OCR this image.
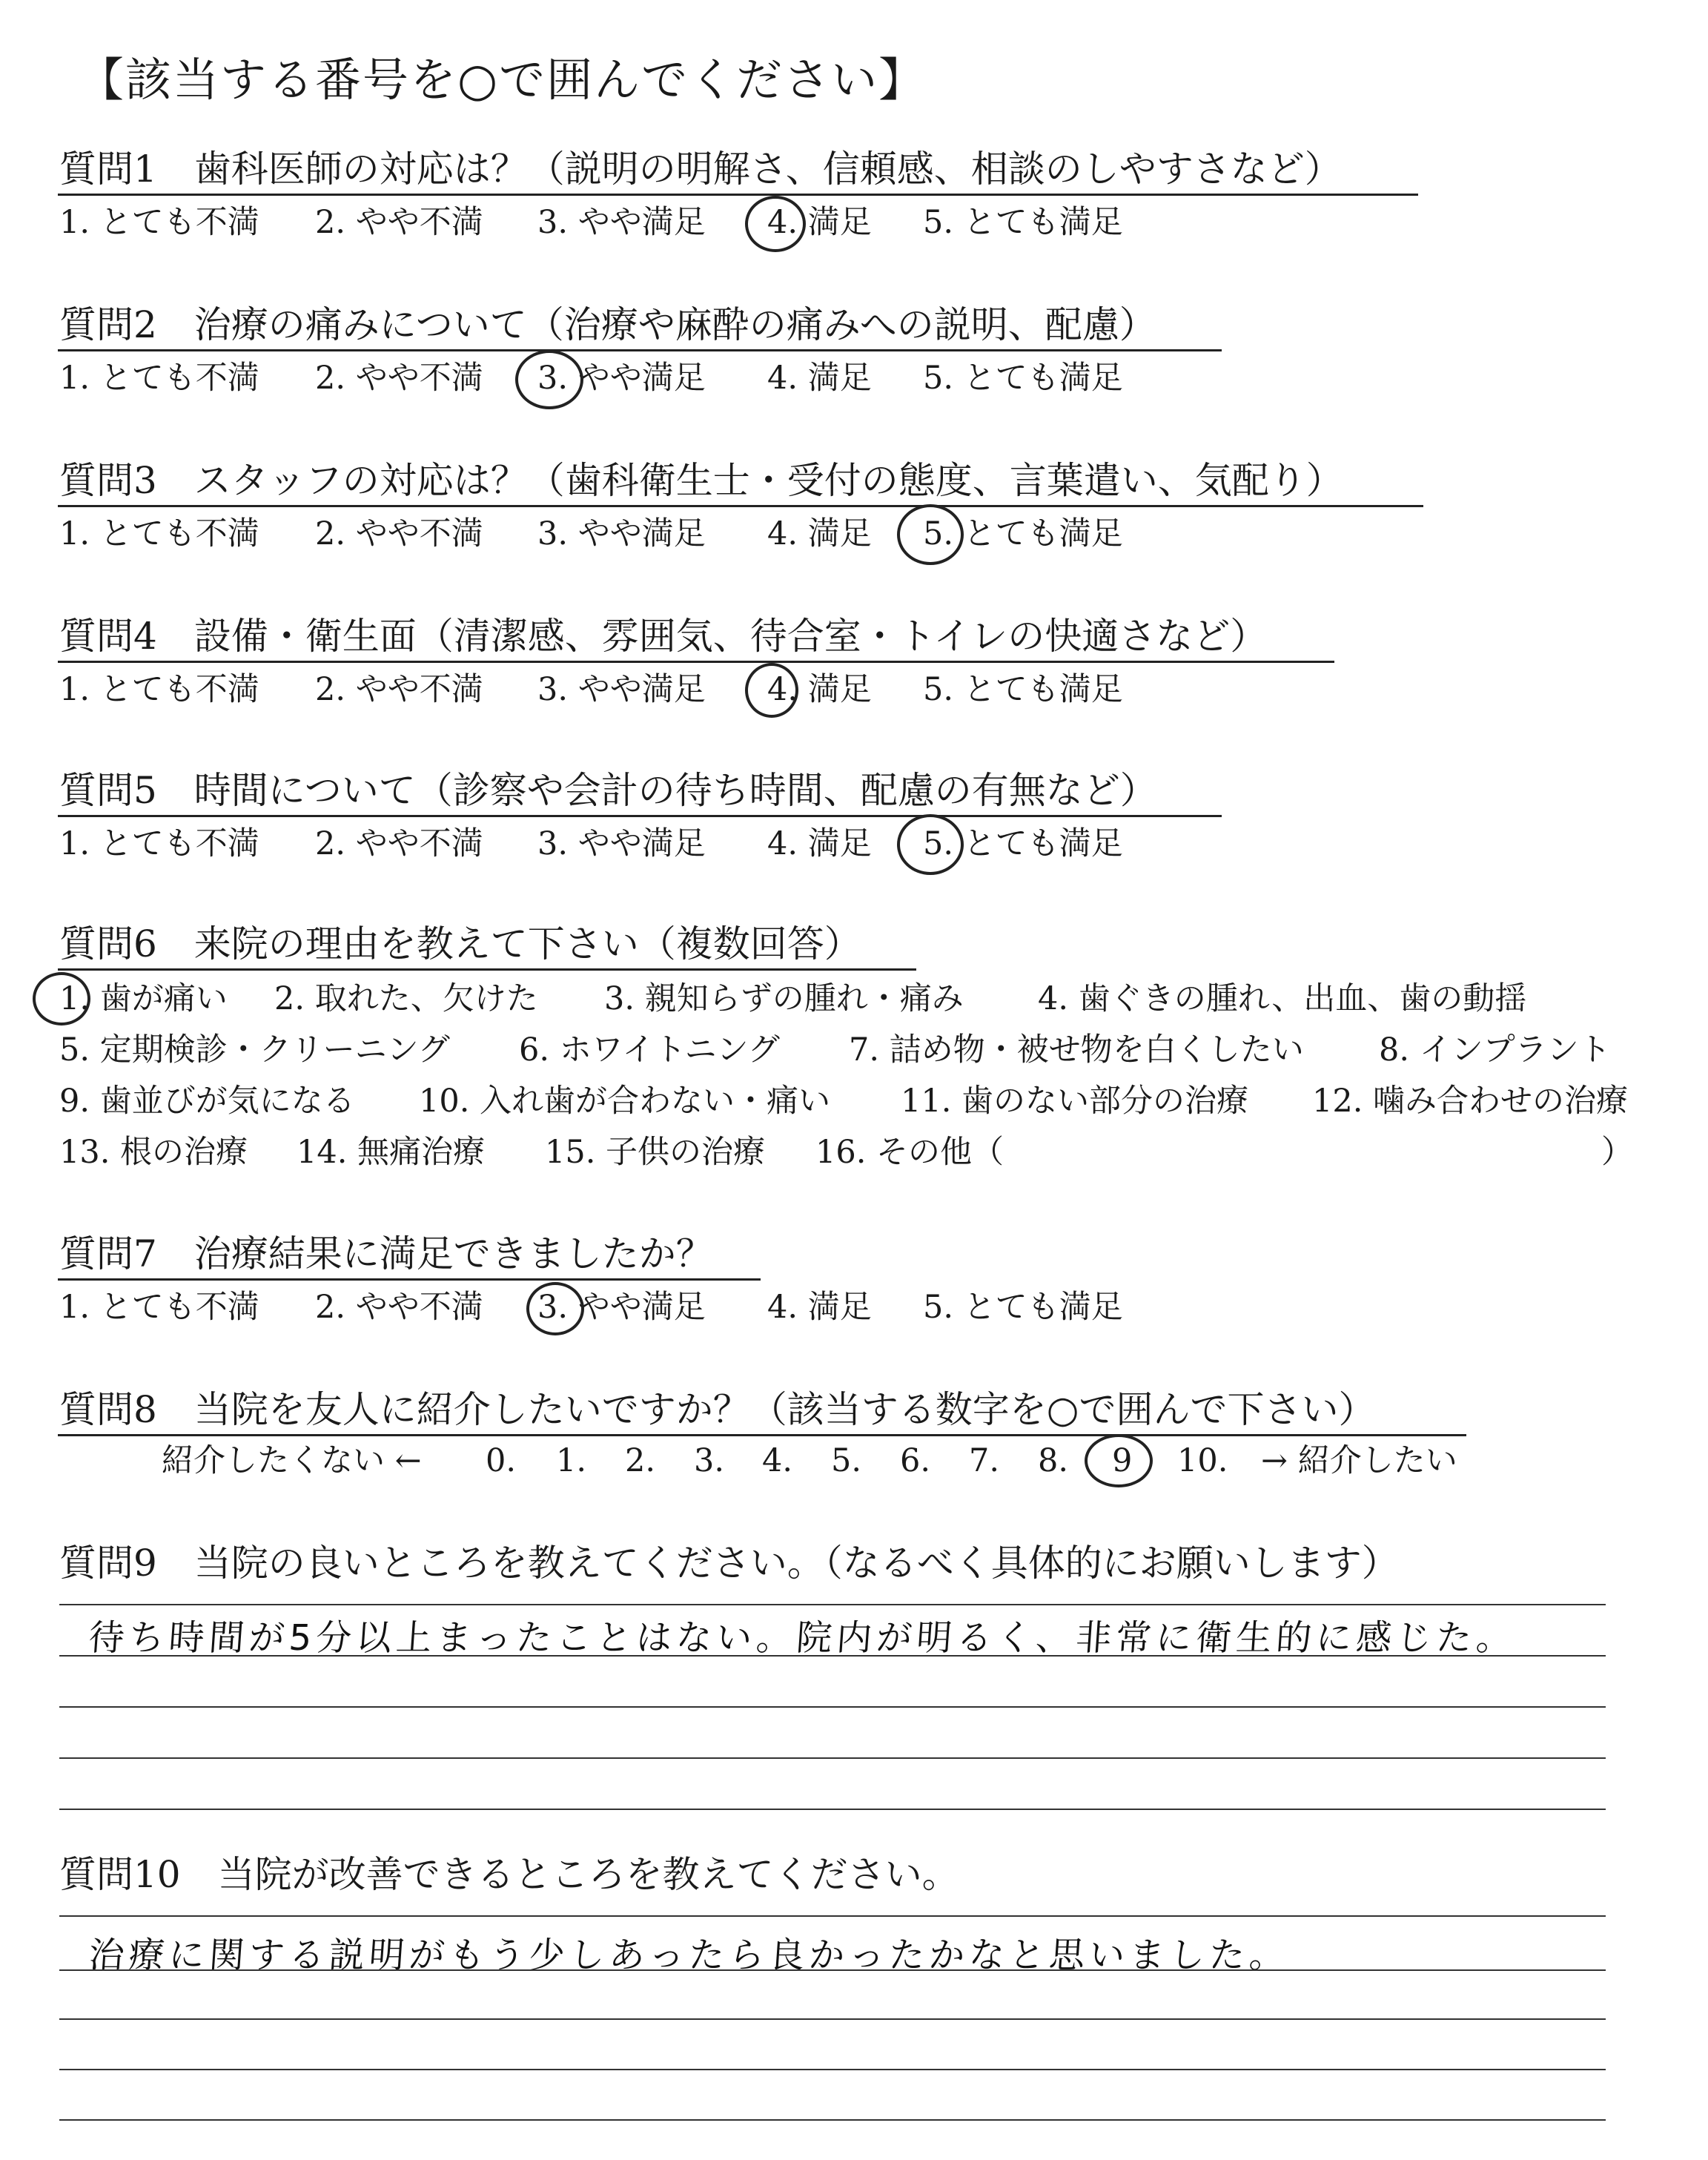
【該当する番号を○で囲んでください】
質問1　歯科医師の対応は？（説明の明解さ、信頼感、相談のしやすさなど）
1. とても不満 2. やや不満 3. やや満足 4. 満足 5. とても満足
質問2　治療の痛みについて（治療や麻酔の痛みへの説明、配慮）
1. とても不満 2. やや不満 3. やや満足 4. 満足 5. とても満足
質問3　スタッフの対応は？（歯科衛生士・受付の態度、言葉遣い、気配り）
1. とても不満 2. やや不満 3. やや満足 4. 満足 5. とても満足
質問4　設備・衛生面（清潔感、雰囲気、待合室・トイレの快適さなど）
1. とても不満 2. やや不満 3. やや満足 4. 満足 5. とても満足
質問5　時間について（診察や会計の待ち時間、配慮の有無など）
1. とても不満 2. やや不満 3. やや満足 4. 満足 5. とても満足
質問6　来院の理由を教えて下さい（複数回答）
1. 歯が痛い 2. 取れた、欠けた 3. 親知らずの腫れ・痛み 4. 歯ぐきの腫れ、出血、歯の動揺
5. 定期検診・クリーニング 6. ホワイトニング 7. 詰め物・被せ物を白くしたい 8. インプラント
9. 歯並びが気になる 10. 入れ歯が合わない・痛い 11. 歯のない部分の治療 12. 噛み合わせの治療
13. 根の治療 14. 無痛治療 15. 子供の治療 16. その他（	）
質問7　治療結果に満足できましたか？
1. とても不満 2. やや不満 3. やや満足 4. 満足 5. とても満足
質問8　当院を友人に紹介したいですか？（該当する数字を○で囲んで下さい）
紹介したくない ← 0. 1. 2. 3. 4. 5. 6. 7. 8. 9 10. → 紹介したい
質問9　当院の良いところを教えてください。（なるべく具体的にお願いします）
待ち時間が5分以上まったことはない。院内が明るく、非常に衛生的に感じた。
質問10　当院が改善できるところを教えてください。
治療に関する説明がもう少しあったら良かったかなと思いました。
